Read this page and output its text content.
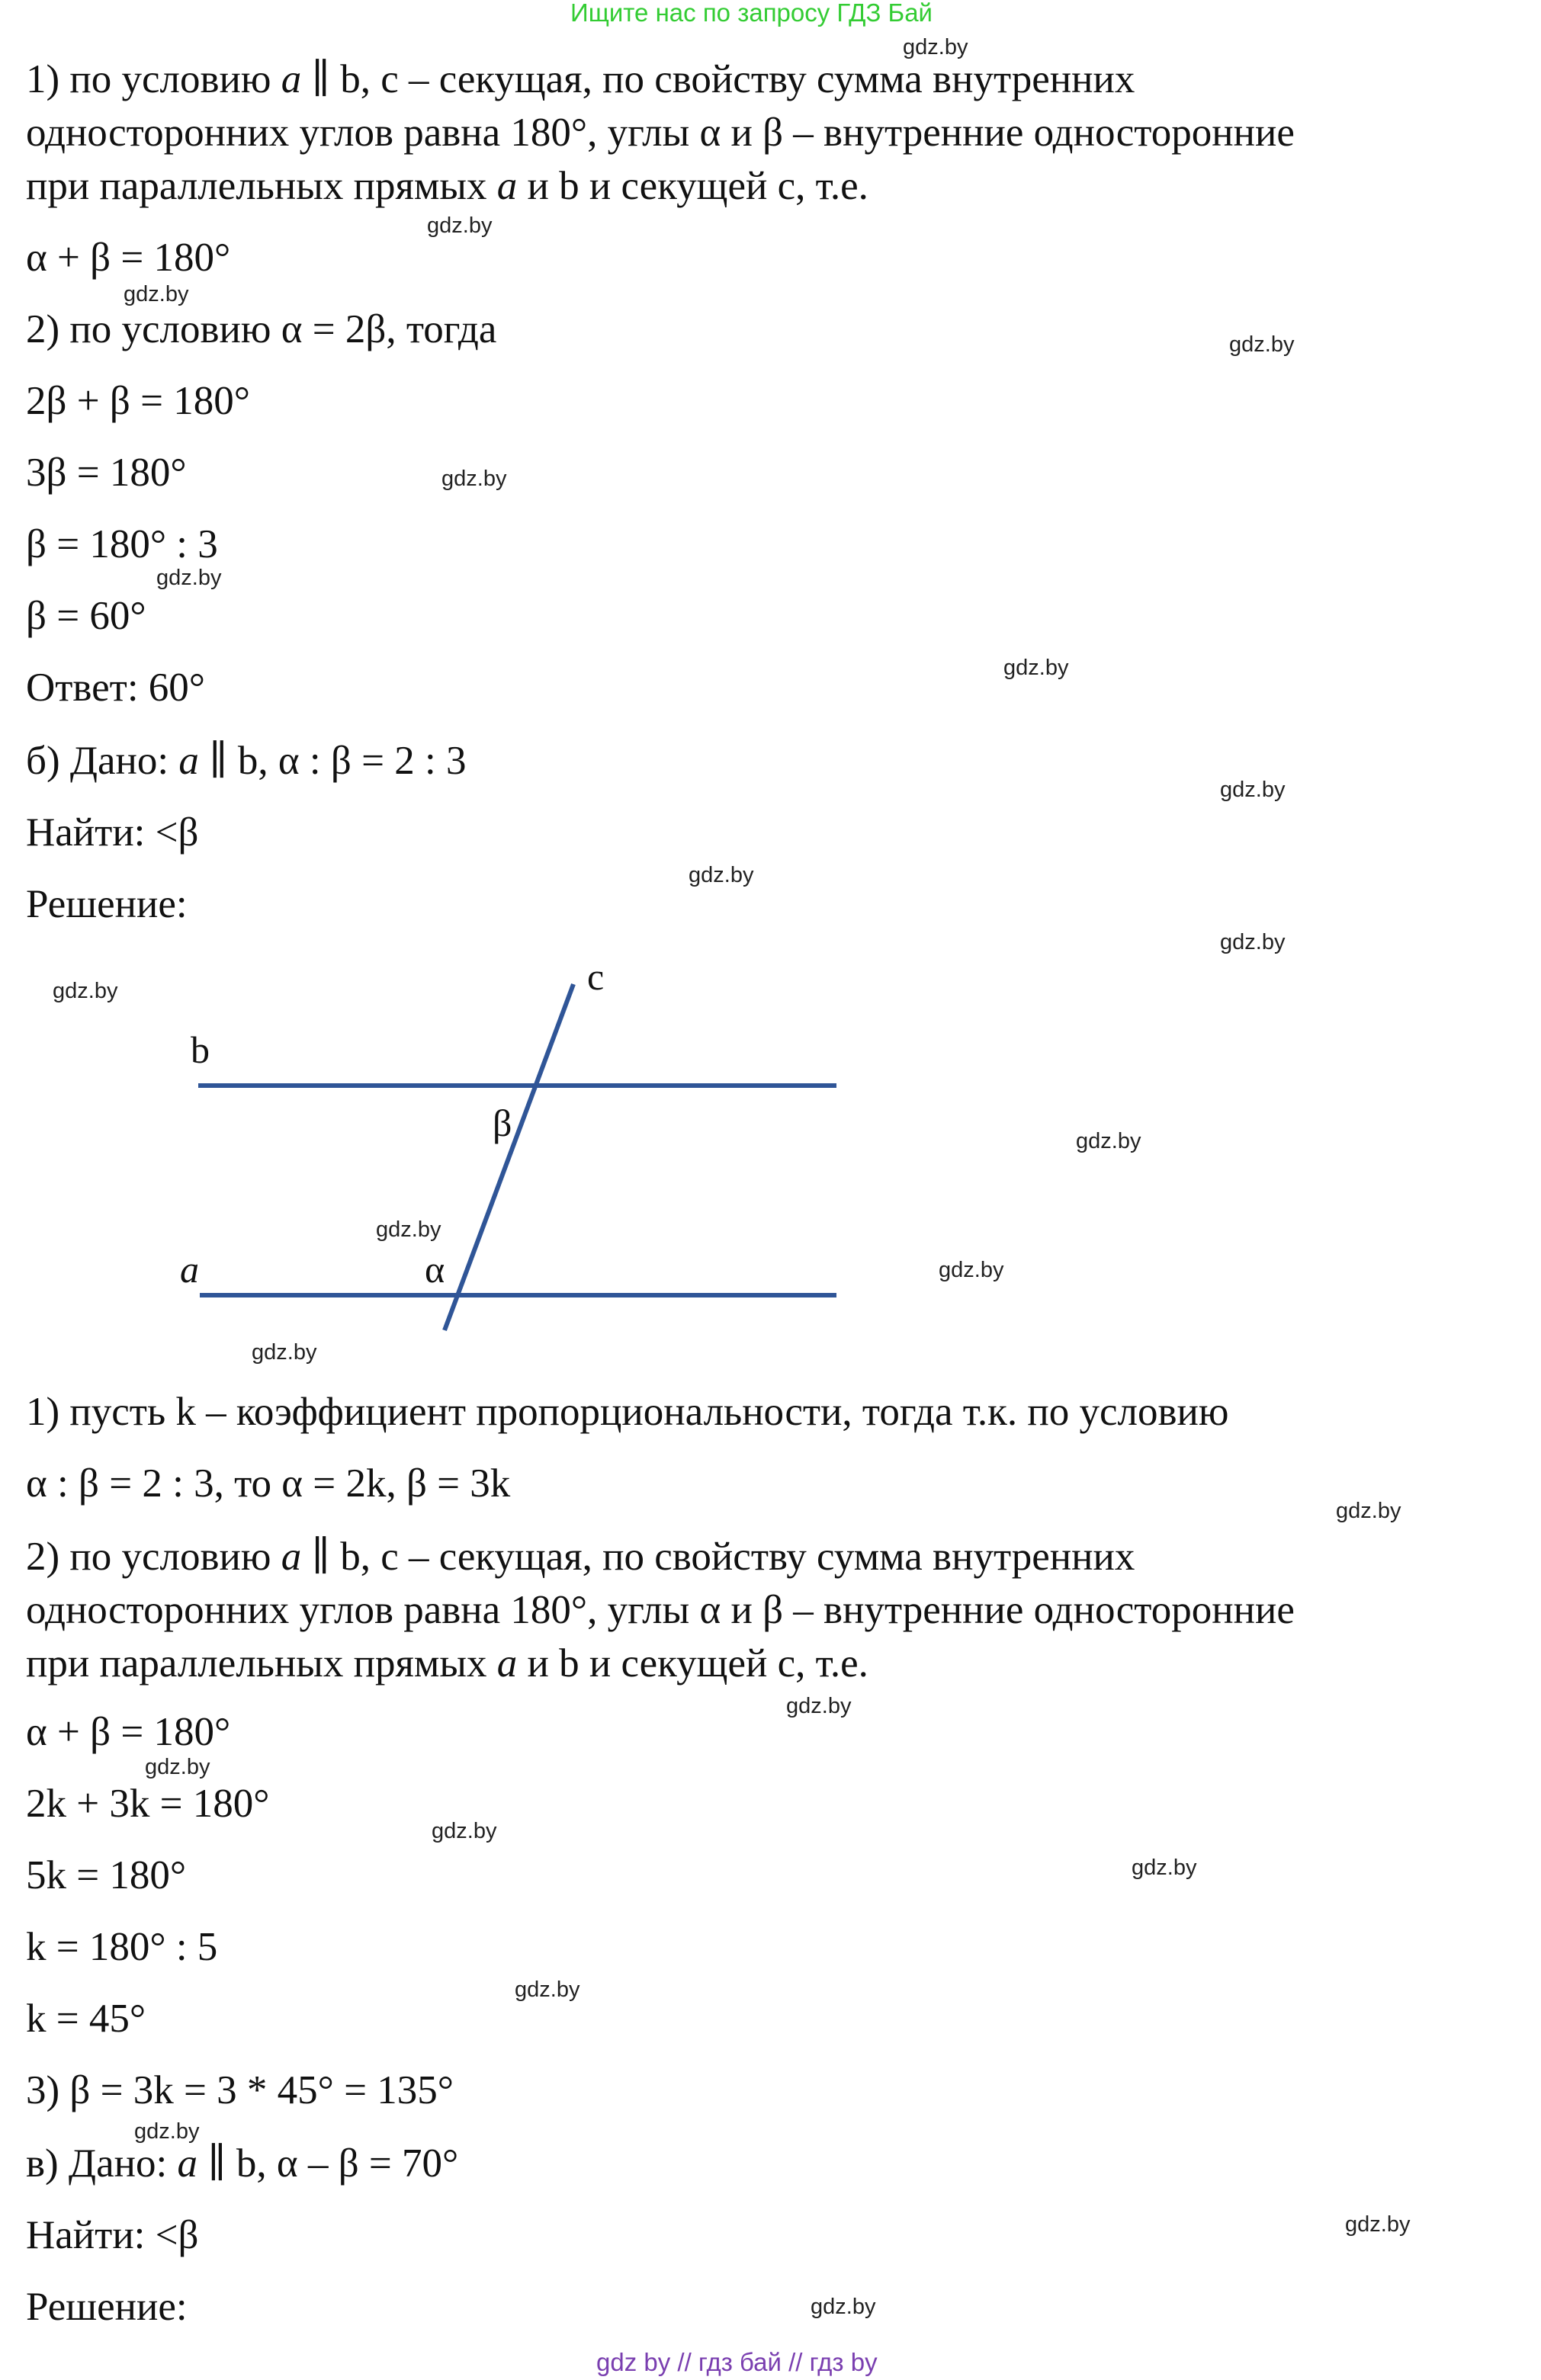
Ищите нас по запросу ГДЗ Бай
gdz.by
gdz.by
gdz.by
gdz.by
gdz.by
gdz.by
gdz.by
gdz.by
gdz.by
gdz.by
gdz.by
gdz.by
gdz.by
gdz.by
gdz.by
gdz.by
gdz.by
gdz.by
gdz.by
gdz.by
gdz.by
gdz.by
gdz.by
gdz.by
1) по условию a ∥ b, c – секущая, по свойству сумма внутренних
односторонних углов равна 180°, углы α и β – внутренние односторонние
при параллельных прямых a и b и секущей c, т.е.
α + β = 180°
2) по условию α = 2β, тогда
2β + β = 180°
3β = 180°
β = 180° : 3
β = 60°
Ответ: 60°
б) Дано: a ∥ b, α : β = 2 : 3
Найти: <β
Решение:
c
b
β
a	α
1) пусть k – коэффициент пропорциональности, тогда т.к. по условию
α : β = 2 : 3, то α = 2k, β = 3k
2) по условию a ∥ b, c – секущая, по свойству сумма внутренних
односторонних углов равна 180°, углы α и β – внутренние односторонние
при параллельных прямых a и b и секущей c, т.е.
α + β = 180°
2k + 3k = 180°
5k = 180°
k = 180° : 5
k = 45°
3) β = 3k = 3 * 45° = 135°
в) Дано: a ∥ b, α – β = 70°
Найти: <β
Решение:
gdz by // гдз бай // гдз by
